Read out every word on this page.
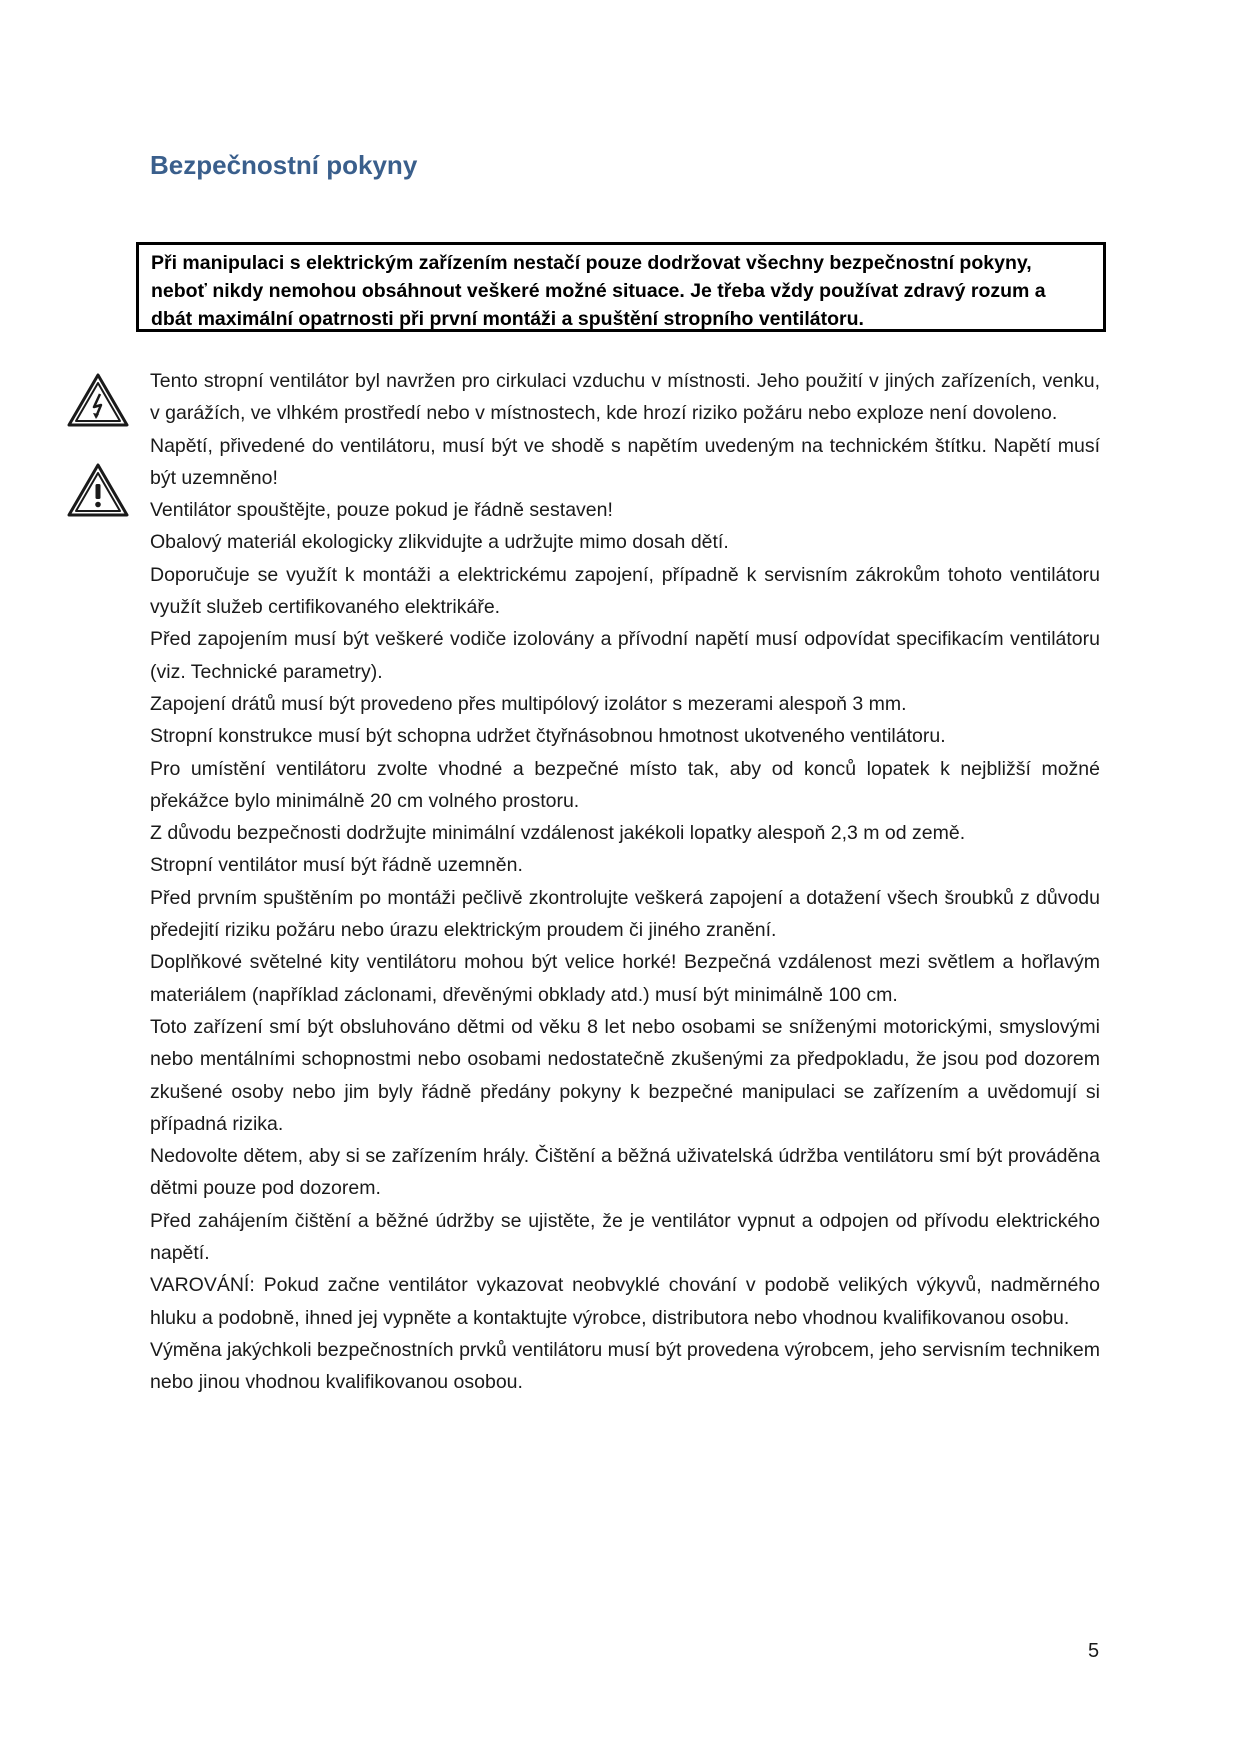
Bezpečnostní pokyny

Při manipulaci s elektrickým zařízením nestačí pouze dodržovat všechny bezpečnostní pokyny, neboť nikdy nemohou obsáhnout veškeré možné situace. Je třeba vždy používat zdravý rozum a dbát maximální opatrnosti při první montáži a spuštění stropního ventilátoru.

Tento stropní ventilátor byl navržen pro cirkulaci vzduchu v místnosti. Jeho použití v jiných zařízeních, venku, v garážích, ve vlhkém prostředí nebo v místnostech, kde hrozí riziko požáru nebo exploze není dovoleno.

Napětí, přivedené do ventilátoru, musí být ve shodě s napětím uvedeným na technickém štítku. Napětí musí být uzemněno!

Ventilátor spouštějte, pouze pokud je řádně sestaven!

Obalový materiál ekologicky zlikvidujte a udržujte mimo dosah dětí.

Doporučuje se využít k montáži a elektrickému zapojení, případně k servisním zákrokům tohoto ventilátoru využít služeb certifikovaného elektrikáře.

Před zapojením musí být veškeré vodiče izolovány a přívodní napětí musí odpovídat specifikacím ventilátoru (viz. Technické parametry).

Zapojení drátů musí být provedeno přes multipólový izolátor s mezerami alespoň 3 mm.

Stropní konstrukce musí být schopna udržet čtyřnásobnou hmotnost ukotveného ventilátoru.

Pro umístění ventilátoru zvolte vhodné a bezpečné místo tak, aby od konců lopatek k nejbližší možné překážce bylo minimálně 20 cm volného prostoru.

Z důvodu bezpečnosti dodržujte minimální vzdálenost jakékoli lopatky alespoň 2,3 m od země.

Stropní ventilátor musí být řádně uzemněn.

Před prvním spuštěním po montáži pečlivě zkontrolujte veškerá zapojení a dotažení všech šroubků z důvodu předejití riziku požáru nebo úrazu elektrickým proudem či jiného zranění.

Doplňkové světelné kity ventilátoru mohou být velice horké! Bezpečná vzdálenost mezi světlem a hořlavým materiálem (například záclonami, dřevěnými obklady atd.) musí být minimálně 100 cm.

Toto zařízení smí být obsluhováno dětmi od věku 8 let nebo osobami se sníženými motorickými, smyslovými nebo mentálními schopnostmi nebo osobami nedostatečně zkušenými za předpokladu, že jsou pod dozorem zkušené osoby nebo jim byly řádně předány pokyny k bezpečné manipulaci se zařízením a uvědomují si případná rizika.

Nedovolte dětem, aby si se zařízením hrály. Čištění a běžná uživatelská údržba ventilátoru smí být prováděna dětmi pouze pod dozorem.

Před zahájením čištění a běžné údržby se ujistěte, že je ventilátor vypnut a odpojen od přívodu elektrického napětí.

VAROVÁNÍ: Pokud začne ventilátor vykazovat neobvyklé chování v podobě velikých výkyvů, nadměrného hluku a podobně, ihned jej vypněte a kontaktujte výrobce, distributora nebo vhodnou kvalifikovanou osobu.

Výměna jakýchkoli bezpečnostních prvků ventilátoru musí být provedena výrobcem, jeho servisním technikem nebo jinou vhodnou kvalifikovanou osobou.

5
